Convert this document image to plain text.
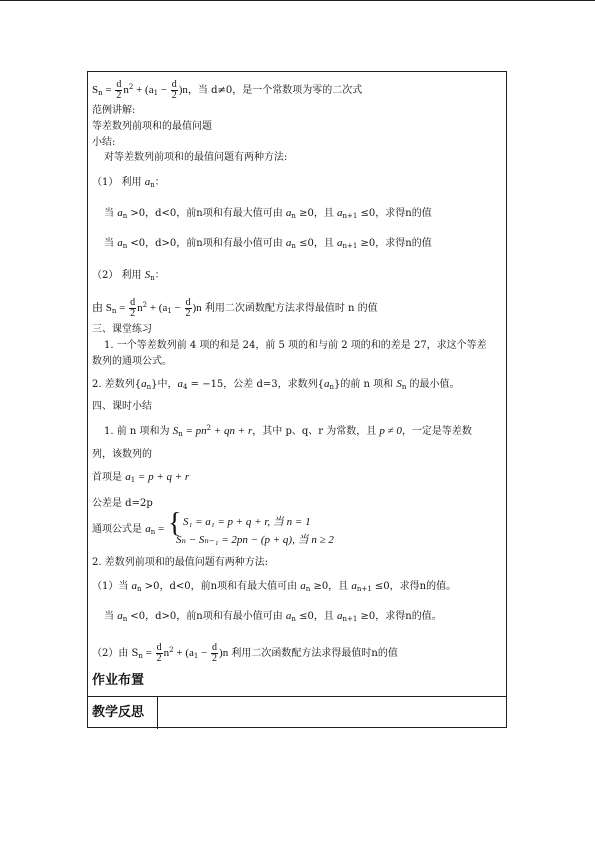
$S_n = \frac{d}{2} n^2 + (a_1 - \frac{d}{2} )n$，当 d≠0，是一个常数项为零的二次式
范例讲解:
等差数列前项和的最值问题
小结:
对等差数列前项和的最值问题有两种方法:
（1） 利用 $a_n$：
当 $a_n >0$，d<0，前n项和有最大值可由 $a_n \ge 0$，且 $a_{n+1} \le 0$，求得n的值
当 $a_n <0$，d>0，前n项和有最小值可由 $a_n \le 0$，且 $a_{n+1} \ge 0$，求得n的值
（2） 利用 $S_n$：
由 $S_n = \frac{d}{2} n^2 + (a_1 - \frac{d}{2} )n$ 利用二次函数配方法求得最值时 n 的值
三、课堂练习
1. 一个等差数列前 4 项的和是 24，前 5 项的和与前 2 项的和的差是 27，求这个等差
数列的通项公式。
2. 差数列$\{a_n\}$中，$a_4 = -15$，公差 d=3，求数列$\{a_n\}$的前 n 项和 $S_n$ 的最小值。
四、课时小结
1. 前 n 项和为 $S_n = pn^2$ + qn + r，其中 p、q、r 为常数，且 p ≠ 0，一定是等差数
列，该数列的
首项是 $a_1 = p + q + r$
公差是 d=2p
通项公式是 $a_n$ = { S₁ = a₁ = p + q + r, 当 n = 1
Sₙ − Sₙ₋₁ = 2pn − (p + q), 当 n ≥ 2
2. 差数列前项和的最值问题有两种方法:
（1）当 $a_n >0$，d<0，前n项和有最大值可由 $a_n \ge 0$，且 $a_{n+1} \le 0$，求得n的值。
当 $a_n <0$，d>0，前n项和有最小值可由 $a_n \le 0$，且 $a_{n+1} \ge 0$，求得n的值。
（2）由 $S_n = \frac{d}{2} n^2 + (a_1 - \frac{d}{2} )n$ 利用二次函数配方法求得最值时n的值
作业布置
教学反思
